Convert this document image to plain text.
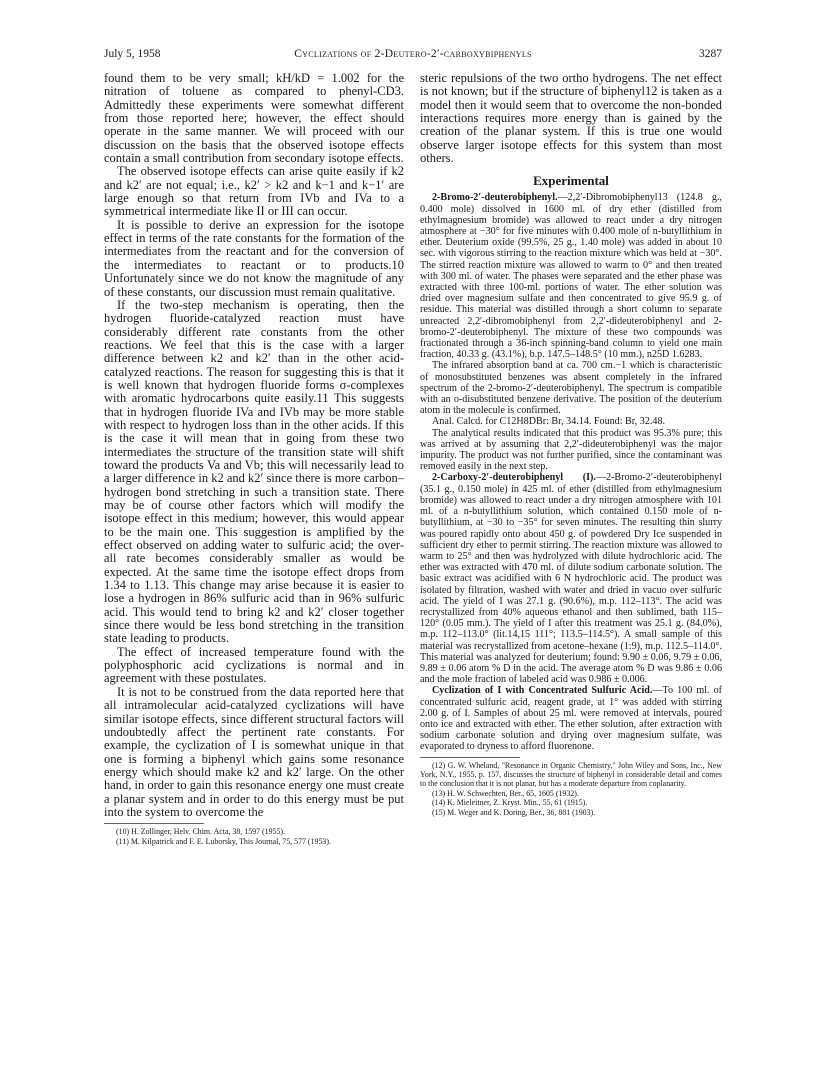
July 5, 1958	Cyclizations of 2-Deutero-2′-carboxybiphenyls	3287

found them to be very small; kH/kD = 1.002 for the nitration of toluene as compared to phenyl-CD3. Admittedly these experiments were somewhat different from those reported here; however, the effect should operate in the same manner. We will proceed with our discussion on the basis that the observed isotope effects contain a small contribution from secondary isotope effects.

The observed isotope effects can arise quite easily if k2 and k2′ are not equal; i.e., k2′ > k2 and k−1 and k−1′ are large enough so that return from IVb and IVa to a symmetrical intermediate like II or III can occur.

It is possible to derive an expression for the isotope effect in terms of the rate constants for the formation of the intermediates from the reactant and for the conversion of the intermediates to reactant or to products.10 Unfortunately since we do not know the magnitude of any of these constants, our discussion must remain qualitative.

If the two-step mechanism is operating, then the hydrogen fluoride-catalyzed reaction must have considerably different rate constants from the other reactions. We feel that this is the case with a larger difference between k2 and k2′ than in the other acid-catalyzed reactions. The reason for suggesting this is that it is well known that hydrogen fluoride forms σ-complexes with aromatic hydrocarbons quite easily.11 This suggests that in hydrogen fluoride IVa and IVb may be more stable with respect to hydrogen loss than in the other acids. If this is the case it will mean that in going from these two intermediates the structure of the transition state will shift toward the products Va and Vb; this will necessarily lead to a larger difference in k2 and k2′ since there is more carbon–hydrogen bond stretching in such a transition state. There may be of course other factors which will modify the isotope effect in this medium; however, this would appear to be the main one. This suggestion is amplified by the effect observed on adding water to sulfuric acid; the over-all rate becomes considerably smaller as would be expected. At the same time the isotope effect drops from 1.34 to 1.13. This change may arise because it is easier to lose a hydrogen in 86% sulfuric acid than in 96% sulfuric acid. This would tend to bring k2 and k2′ closer together since there would be less bond stretching in the transition state leading to products.

The effect of increased temperature found with the polyphosphoric acid cyclizations is normal and in agreement with these postulates.

It is not to be construed from the data reported here that all intramolecular acid-catalyzed cyclizations will have similar isotope effects, since different structural factors will undoubtedly affect the pertinent rate constants. For example, the cyclization of I is somewhat unique in that one is forming a biphenyl which gains some resonance energy which should make k2 and k2′ large. On the other hand, in order to gain this resonance energy one must create a planar system and in order to do this energy must be put into the system to overcome the

(10) H. Zollinger, Helv. Chim. Acta, 38, 1597 (1955).

(11) M. Kilpatrick and F. E. Luborsky, This Journal, 75, 577 (1953).

steric repulsions of the two ortho hydrogens. The net effect is not known; but if the structure of biphenyl12 is taken as a model then it would seem that to overcome the non-bonded interactions requires more energy than is gained by the creation of the planar system. If this is true one would observe larger isotope effects for this system than most others.

Experimental

2-Bromo-2′-deuterobiphenyl.—2,2′-Dibromobiphenyl13 (124.8 g., 0.400 mole) dissolved in 1600 ml. of dry ether (distilled from ethylmagnesium bromide) was allowed to react under a dry nitrogen atmosphere at −30° for five minutes with 0.400 mole of n-butyllithium in ether. Deuterium oxide (99.5%, 25 g., 1.40 mole) was added in about 10 sec. with vigorous stirring to the reaction mixture which was held at −30°. The stirred reaction mixture was allowed to warm to 0° and then treated with 300 ml. of water. The phases were separated and the ether phase was extracted with three 100-ml. portions of water. The ether solution was dried over magnesium sulfate and then concentrated to give 95.9 g. of residue. This material was distilled through a short column to separate unreacted 2,2′-dibromobiphenyl from 2,2′-dideuterobiphenyl and 2-bromo-2′-deuterobiphenyl. The mixture of these two compounds was fractionated through a 36-inch spinning-band column to yield one main fraction, 40.33 g. (43.1%), b.p. 147.5–148.5° (10 mm.), n25D 1.6283.

The infrared absorption band at ca. 700 cm.−1 which is characteristic of monosubstituted benzenes was absent completely in the infrared spectrum of the 2-bromo-2′-deuterobiphenyl. The spectrum is compatible with an o-disubstituted benzene derivative. The position of the deuterium atom in the molecule is confirmed.

Anal. Calcd. for C12H8DBr: Br, 34.14. Found: Br, 32.48.

The analytical results indicated that this product was 95.3% pure; this was arrived at by assuming that 2,2′-dideuterobiphenyl was the major impurity. The product was not further purified, since the contaminant was removed easily in the next step.

2-Carboxy-2′-deuterobiphenyl (I).—2-Bromo-2′-deuterobiphenyl (35.1 g., 0.150 mole) in 425 ml. of ether (distilled from ethylmagnesium bromide) was allowed to react under a dry nitrogen atmosphere with 101 ml. of a n-butyllithium solution, which contained 0.150 mole of n-butyllithium, at −30 to −35° for seven minutes. The resulting thin slurry was poured rapidly onto about 450 g. of powdered Dry Ice suspended in sufficient dry ether to permit stirring. The reaction mixture was allowed to warm to 25° and then was hydrolyzed with dilute hydrochloric acid. The ether was extracted with 470 ml. of dilute sodium carbonate solution. The basic extract was acidified with 6 N hydrochloric acid. The product was isolated by filtration, washed with water and dried in vacuo over sulfuric acid. The yield of I was 27.1 g. (90.6%), m.p. 112–113°. The acid was recrystallized from 40% aqueous ethanol and then sublimed, bath 115–120° (0.05 mm.). The yield of I after this treatment was 25.1 g. (84.0%), m.p. 112–113.0° (lit.14,15 111°; 113.5–114.5°). A small sample of this material was recrystallized from acetone–hexane (1:9), m.p. 112.5–114.0°. This material was analyzed for deuterium; found: 9.90 ± 0.06, 9.79 ± 0.06, 9.89 ± 0.06 atom % D in the acid. The average atom % D was 9.86 ± 0.06 and the mole fraction of labeled acid was 0.986 ± 0.006.

Cyclization of I with Concentrated Sulfuric Acid.—To 100 ml. of concentrated sulfuric acid, reagent grade, at 1° was added with stirring 2.00 g. of I. Samples of about 25 ml. were removed at intervals, poured onto ice and extracted with ether. The ether solution, after extraction with sodium carbonate solution and drying over magnesium sulfate, was evaporated to dryness to afford fluorenone.

(12) G. W. Wheland, "Resonance in Organic Chemistry," John Wiley and Sons, Inc., New York, N.Y., 1955, p. 157, discusses the structure of biphenyl in considerable detail and comes to the conclusion that it is not planar, but has a moderate departure from coplanarity.

(13) H. W. Schwechten, Ber., 65, 1605 (1932).

(14) K. Mieleitner, Z. Kryst. Min., 55, 61 (1915).

(15) M. Weger and K. Doring, Ber., 36, 881 (1903).
